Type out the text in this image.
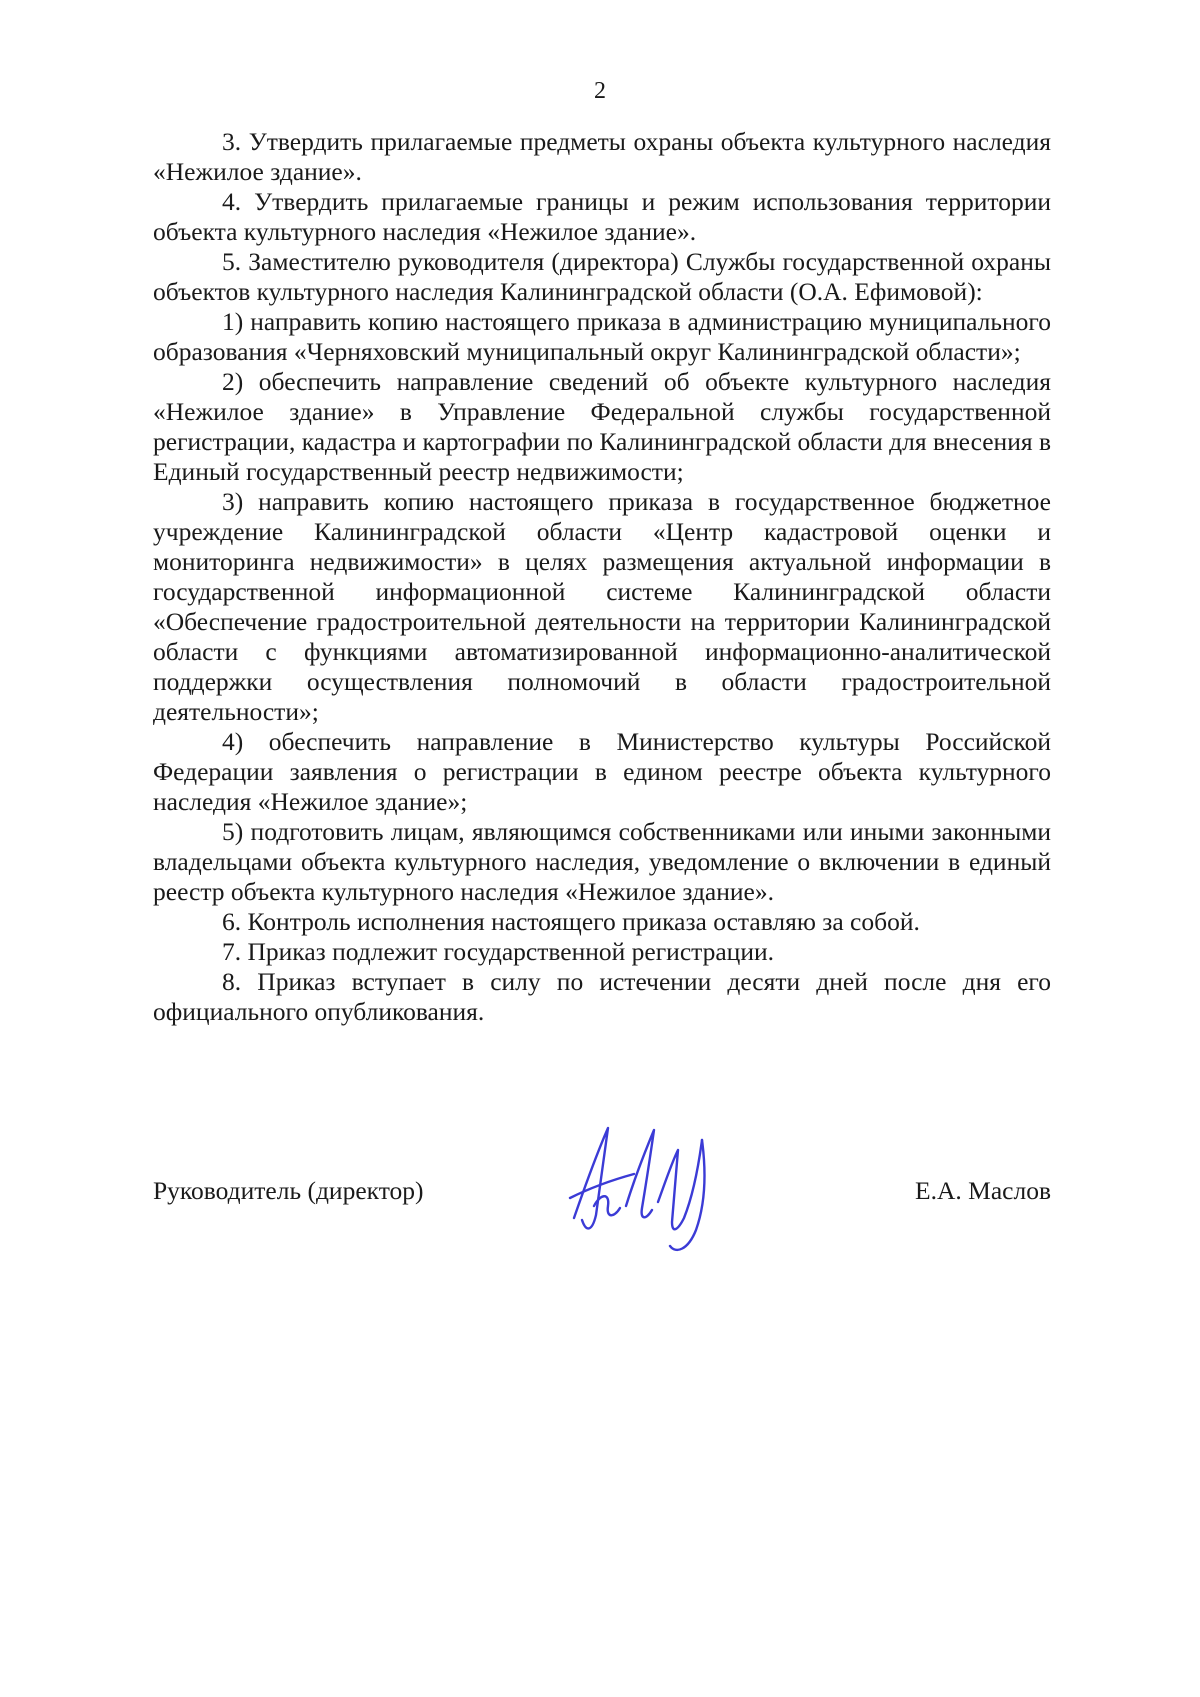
2

3. Утвердить прилагаемые предметы охраны объекта культурного наследия «Нежилое здание».

4. Утвердить прилагаемые границы и режим использования территории объекта культурного наследия «Нежилое здание».

5. Заместителю руководителя (директора) Службы государственной охраны объектов культурного наследия Калининградской области (О.А. Ефимовой):

1) направить копию настоящего приказа в администрацию муниципального образования «Черняховский муниципальный округ Калининградской области»;

2) обеспечить направление сведений об объекте культурного наследия «Нежилое здание» в Управление Федеральной службы государственной регистрации, кадастра и картографии по Калининградской области для внесения в Единый государственный реестр недвижимости;

3) направить копию настоящего приказа в государственное бюджетное учреждение Калининградской области «Центр кадастровой оценки и мониторинга недвижимости» в целях размещения актуальной информации в государственной информационной системе Калининградской области «Обеспечение градостроительной деятельности на территории Калининградской области с функциями автоматизированной информационно-аналитической поддержки осуществления полномочий в области градостроительной деятельности»;

4) обеспечить направление в Министерство культуры Российской Федерации заявления о регистрации в едином реестре объекта культурного наследия «Нежилое здание»;

5) подготовить лицам, являющимся собственниками или иными законными владельцами объекта культурного наследия, уведомление о включении в единый реестр объекта культурного наследия «Нежилое здание».

6. Контроль исполнения настоящего приказа оставляю за собой.

7. Приказ подлежит государственной регистрации.

8. Приказ вступает в силу по истечении десяти дней после дня его официального опубликования.

Руководитель (директор)	Е.А. Маслов
